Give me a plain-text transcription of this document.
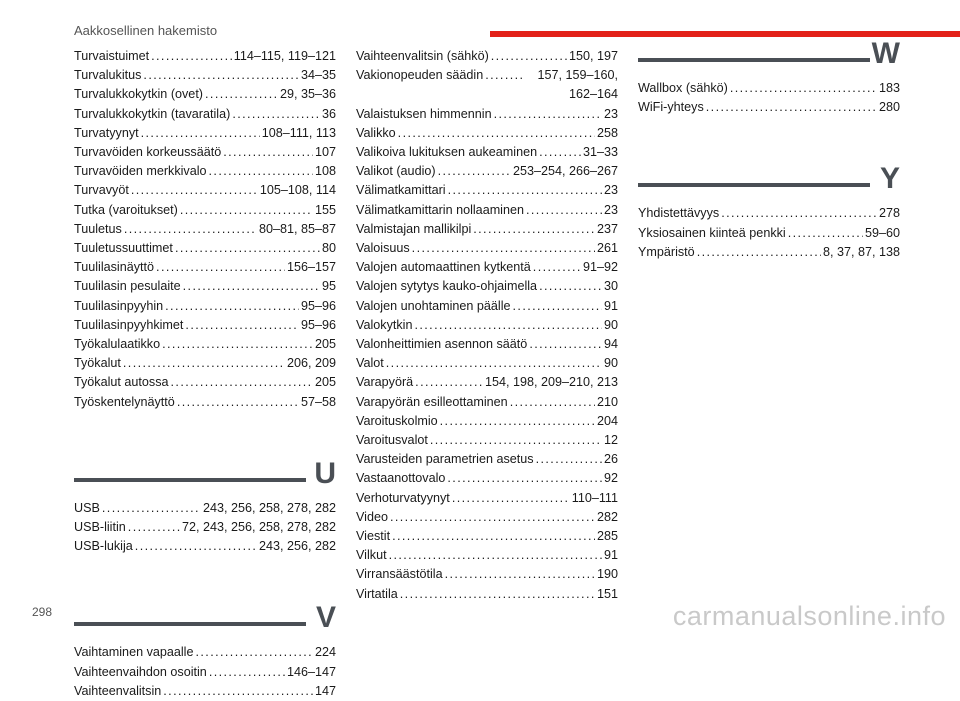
Aakkosellinen hakemisto
Turvaistuimet .....	114–115, 119–121
Turvalukitus .....	34–35
Turvalukkokytkin (ovet) .....	29, 35–36
Turvalukkokytkin (tavaratila) .....	36
Turvatyynyt .....	108–111, 113
Turvavöiden korkeussäätö .....	107
Turvavöiden merkkivalo .....	108
Turvavyöt .....	105–108, 114
Tutka (varoitukset) .....	155
Tuuletus .....	80–81, 85–87
Tuuletussuuttimet .....	80
Tuulilasinäyttö .....	156–157
Tuulilasin pesulaite .....	95
Tuulilasinpyyhin .....	95–96
Tuulilasinpyyhkimet .....	95–96
Työkalulaatikko .....	205
Työkalut .....	206, 209
Työkalut autossa .....	205
Työskentelynäyttö .....	57–58
U
USB .....	243, 256, 258, 278, 282
USB-liitin .....	72, 243, 256, 258, 278, 282
USB-lukija .....	243, 256, 282
V
Vaihtaminen vapaalle .....	224
Vaihteenvaihdon osoitin .....	146–147
Vaihteenvalitsin .....	147
Vaihteenvalitsin (sähkö) .....	150, 197
Vakionopeuden säädin .....	157, 159–160, 162–164
Valaistuksen himmennin .....	23
Valikko .....	258
Valikoiva lukituksen aukeaminen .....	31–33
Valikot (audio) .....	253–254, 266–267
Välimatkamittari .....	23
Välimatkamittarin nollaaminen .....	23
Valmistajan mallikilpi .....	237
Valoisuus .....	261
Valojen automaattinen kytkentä .....	91–92
Valojen sytytys kauko-ohjaimella .....	30
Valojen unohtaminen päälle .....	91
Valokytkin .....	90
Valonheittimien asennon säätö .....	94
Valot .....	90
Varapyörä .....	154, 198, 209–210, 213
Varapyörän esilleottaminen .....	210
Varoituskolmio .....	204
Varoitusvalot .....	12
Varusteiden parametrien asetus .....	26
Vastaanottovalo .....	92
Verhoturvatyynyt .....	110–111
Video .....	282
Viestit .....	285
Vilkut .....	91
Virransäästötila .....	190
Virtatila .....	151
W
Wallbox (sähkö) .....	183
WiFi-yhteys .....	280
Y
Yhdistettävyys .....	278
Yksiosainen kiinteä penkki .....	59–60
Ympäristö .....	8, 37, 87, 138
298	carmanualsonline.info
